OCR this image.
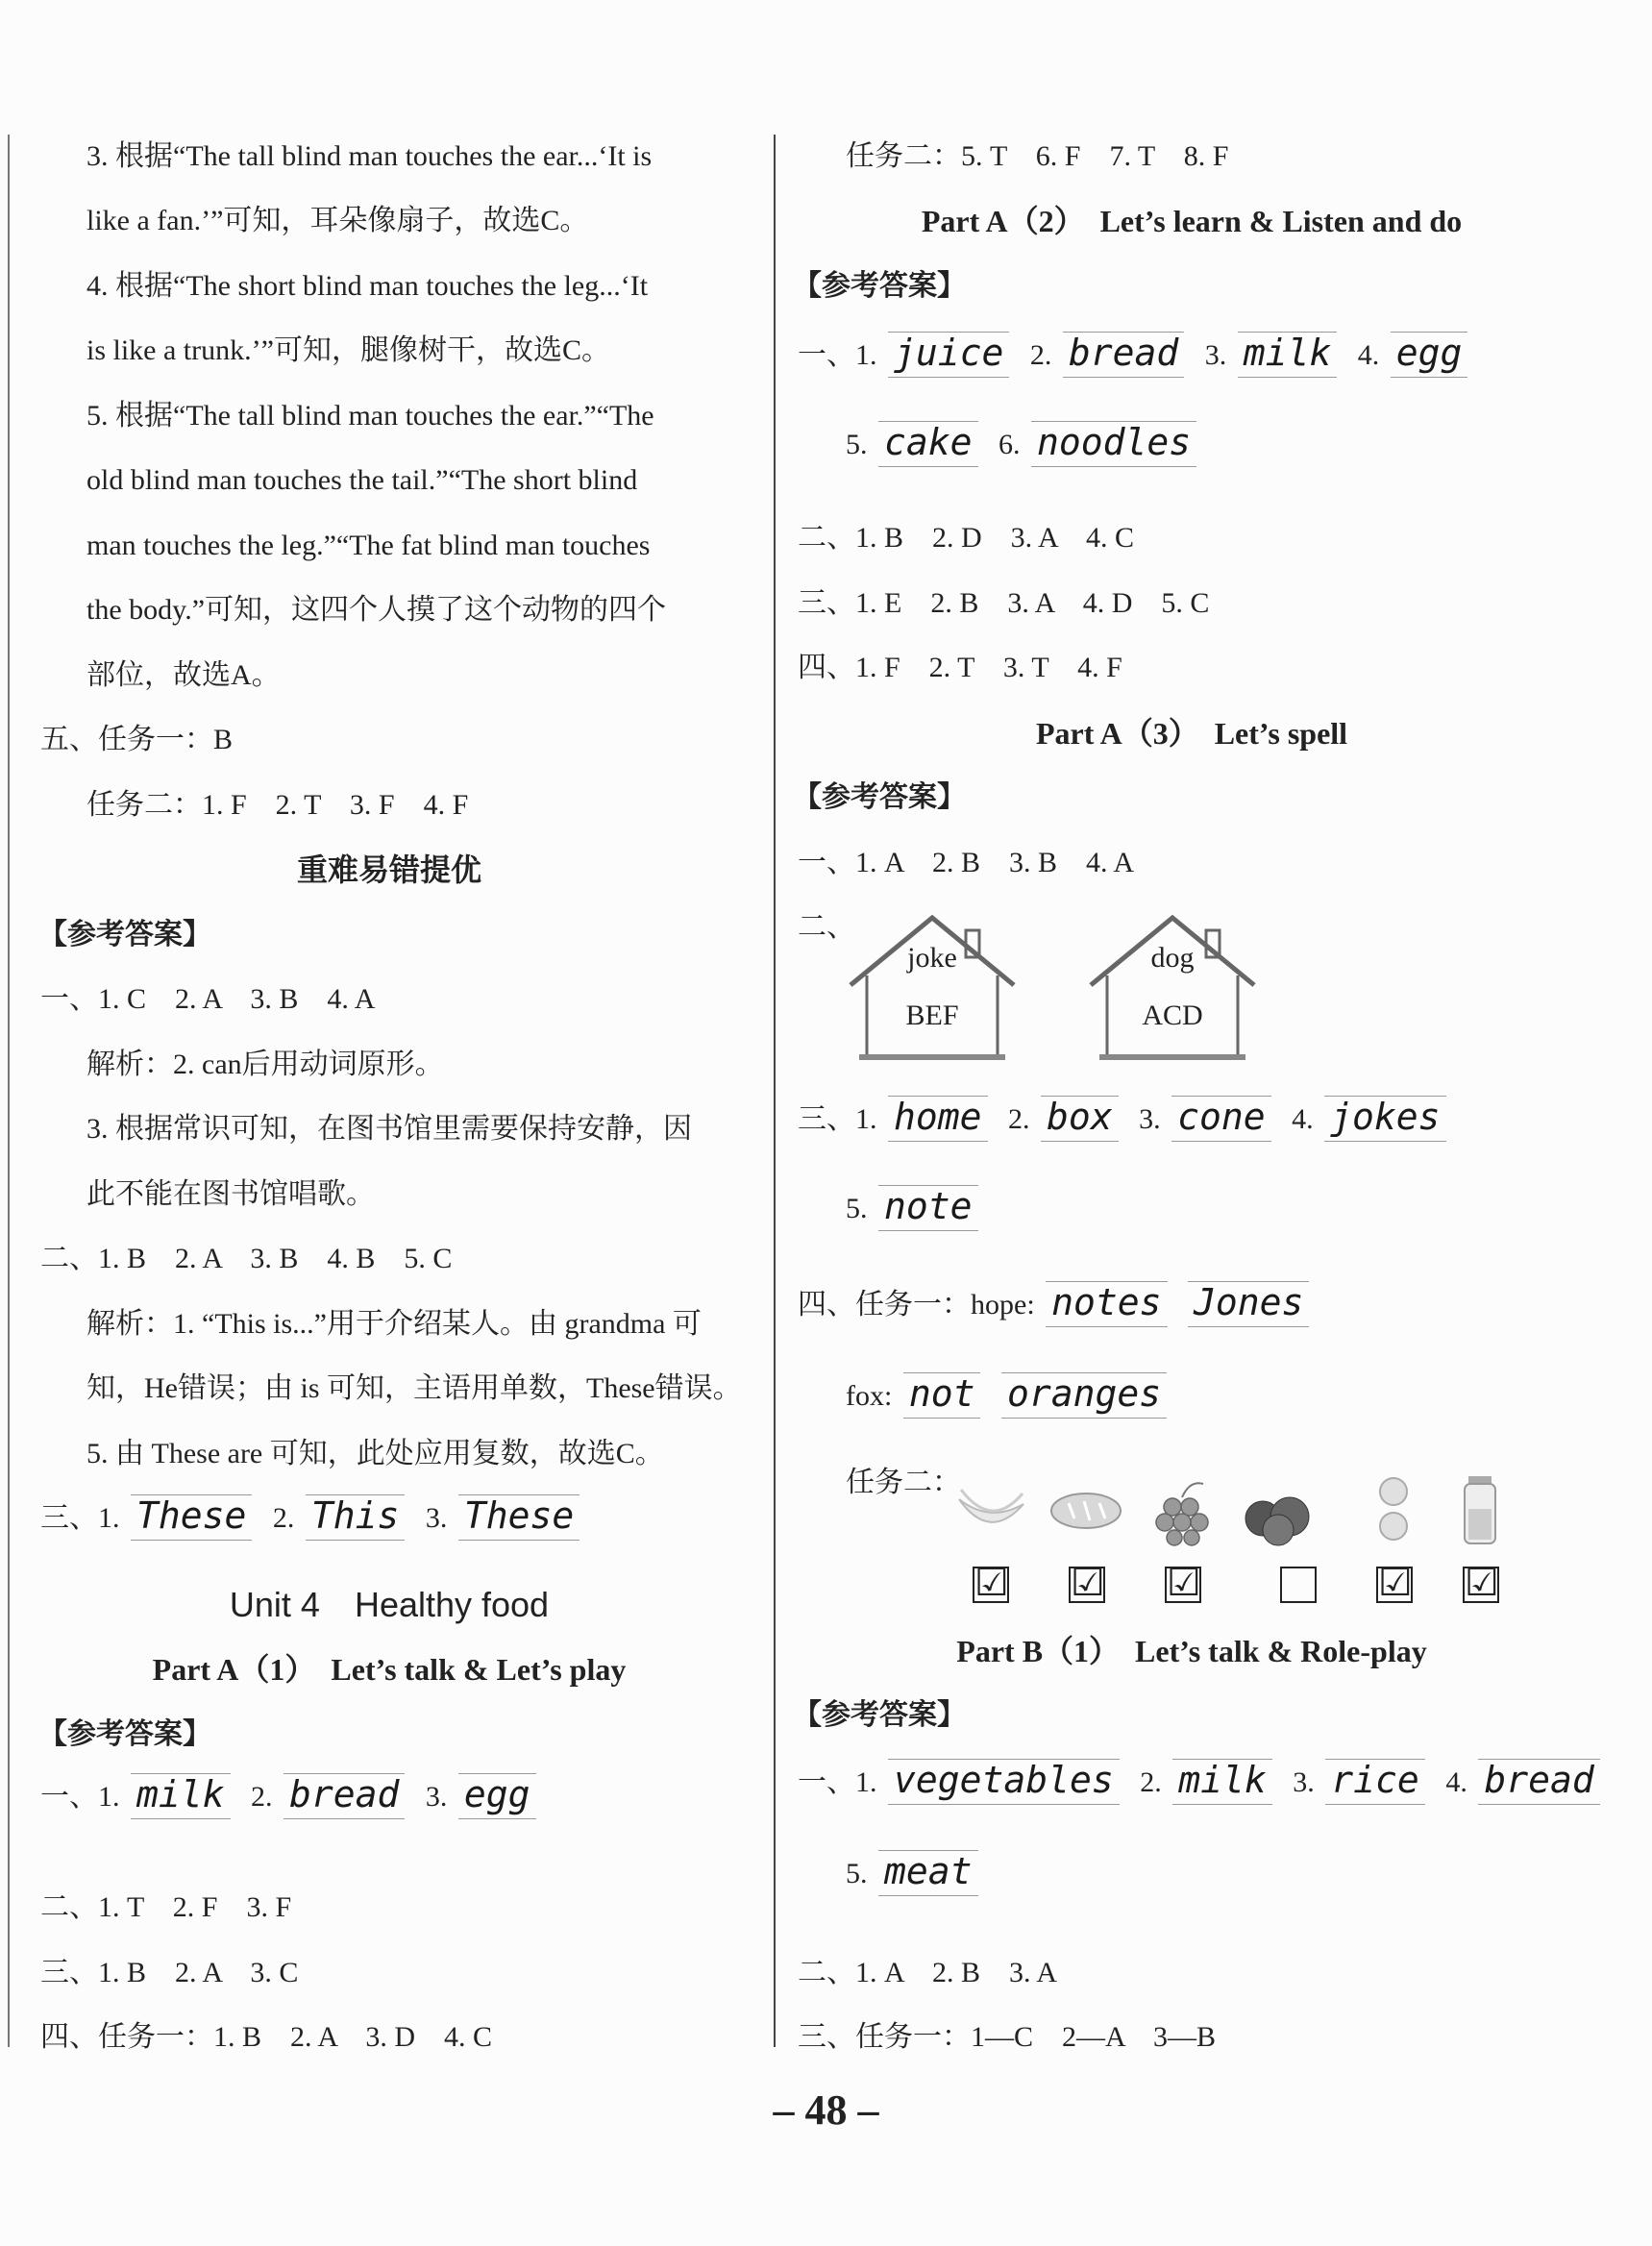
3. 根据“The tall blind man touches the ear...‘It is
like a fan.’”可知，耳朵像扇子，故选C。
4. 根据“The short blind man touches the leg...‘It
is like a trunk.’”可知，腿像树干，故选C。
5. 根据“The tall blind man touches the ear.”“The
old blind man touches the tail.”“The short blind
man touches the leg.”“The fat blind man touches
the body.”可知，这四个人摸了这个动物的四个
部位，故选A。
五、任务一：B
任务二：1. F　2. T　3. F　4. F
重难易错提优
【参考答案】
一、1. C　2. A　3. B　4. A
解析：2. can后用动词原形。
3. 根据常识可知，在图书馆里需要保持安静，因
此不能在图书馆唱歌。
二、1. B　2. A　3. B　4. B　5. C
解析：1. “This is...”用于介绍某人。由 grandma 可
知，He错误；由 is 可知，主语用单数，These错误。
5. 由 These are 可知，此处应用复数，故选C。
三、1. These 2. This 3. These
Unit 4　Healthy food
Part A（1）　Let’s talk & Let’s play
【参考答案】
一、1. milk 2. bread 3. egg
二、1. T　2. F　3. F
三、1. B　2. A　3. C
四、任务一：1. B　2. A　3. D　4. C
任务二：5. T　6. F　7. T　8. F
Part A（2）　Let’s learn & Listen and do
【参考答案】
一、1. juice 2. bread 3. milk 4. egg
5. cake 6. noodles
二、1. B　2. D　3. A　4. C
三、1. E　2. B　3. A　4. D　5. C
四、1. F　2. T　3. T　4. F
Part A（3）　Let’s spell
【参考答案】
一、1. A　2. B　3. B　4. A
二、
joke
BEF
dog
ACD
三、1. home 2. box 3. cone 4. jokes
5. note
四、任务一：hope: notes Jones
fox: not oranges
任务二：
☑ ☑ ☑	☑ ☑
Part B（1）　Let’s talk & Role-play
【参考答案】
一、1. vegetables 2. milk 3. rice 4. bread
5. meat
二、1. A　2. B　3. A
三、任务一：1—C　2—A　3—B
– 48 –
